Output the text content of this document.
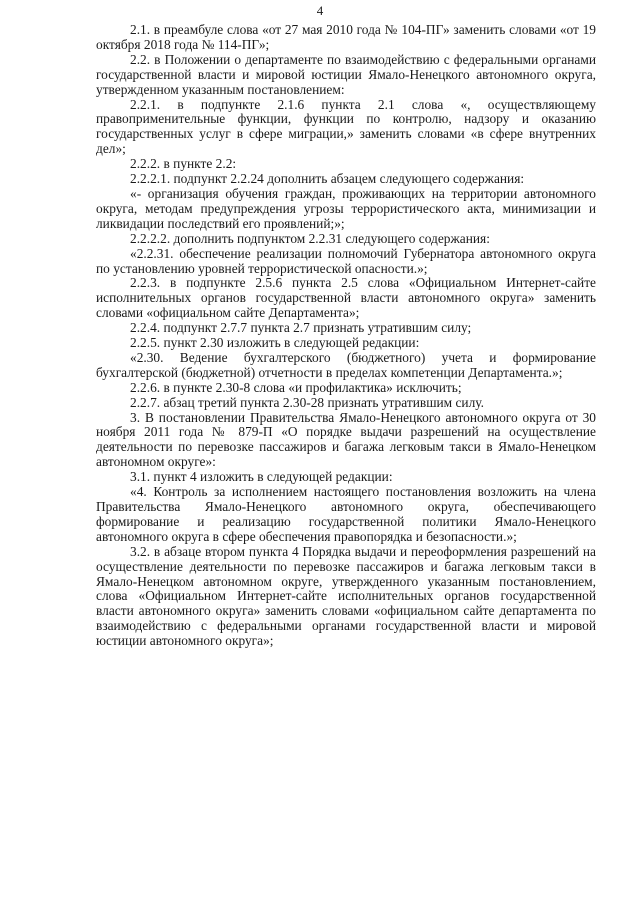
4

2.1. в преамбуле слова «от 27 мая 2010 года № 104-ПГ» заменить словами «от 19 октября 2018 года № 114-ПГ»;

2.2. в Положении о департаменте по взаимодействию с федеральными органами государственной власти и мировой юстиции Ямало-Ненецкого автономного округа, утвержденном указанным постановлением:

2.2.1. в подпункте 2.1.6 пункта 2.1 слова «, осуществляющему правоприменительные функции, функции по контролю, надзору и оказанию государственных услуг в сфере миграции,» заменить словами «в сфере внутренних дел»;

2.2.2. в пункте 2.2:

2.2.2.1. подпункт 2.2.24 дополнить абзацем следующего содержания:

«- организация обучения граждан, проживающих на территории автономного округа, методам предупреждения угрозы террористического акта, минимизации и ликвидации последствий его проявлений;»;

2.2.2.2. дополнить подпунктом 2.2.31 следующего содержания:

«2.2.31. обеспечение реализации полномочий Губернатора автономного округа по установлению уровней террористической опасности.»;

2.2.3. в подпункте 2.5.6 пункта 2.5 слова «Официальном Интернет-сайте исполнительных органов государственной власти автономного округа» заменить словами «официальном сайте Департамента»;

2.2.4. подпункт 2.7.7 пункта 2.7 признать утратившим силу;

2.2.5. пункт 2.30 изложить в следующей редакции:

«2.30. Ведение бухгалтерского (бюджетного) учета и формирование бухгалтерской (бюджетной) отчетности в пределах компетенции Департамента.»;

2.2.6. в пункте 2.30-8 слова «и профилактика» исключить;

2.2.7. абзац третий пункта 2.30-28 признать утратившим силу.

3. В постановлении Правительства Ямало-Ненецкого автономного округа от 30 ноября 2011 года № 879-П «О порядке выдачи разрешений на осуществление деятельности по перевозке пассажиров и багажа легковым такси в Ямало-Ненецком автономном округе»:

3.1. пункт 4 изложить в следующей редакции:

«4. Контроль за исполнением настоящего постановления возложить на члена Правительства Ямало-Ненецкого автономного округа, обеспечивающего формирование и реализацию государственной политики Ямало-Ненецкого автономного округа в сфере обеспечения правопорядка и безопасности.»;

3.2. в абзаце втором пункта 4 Порядка выдачи и переоформления разрешений на осуществление деятельности по перевозке пассажиров и багажа легковым такси в Ямало-Ненецком автономном округе, утвержденного указанным постановлением, слова «Официальном Интернет-сайте исполнительных органов государственной власти автономного округа» заменить словами «официальном сайте департамента по взаимодействию с федеральными органами государственной власти и мировой юстиции автономного округа»;
